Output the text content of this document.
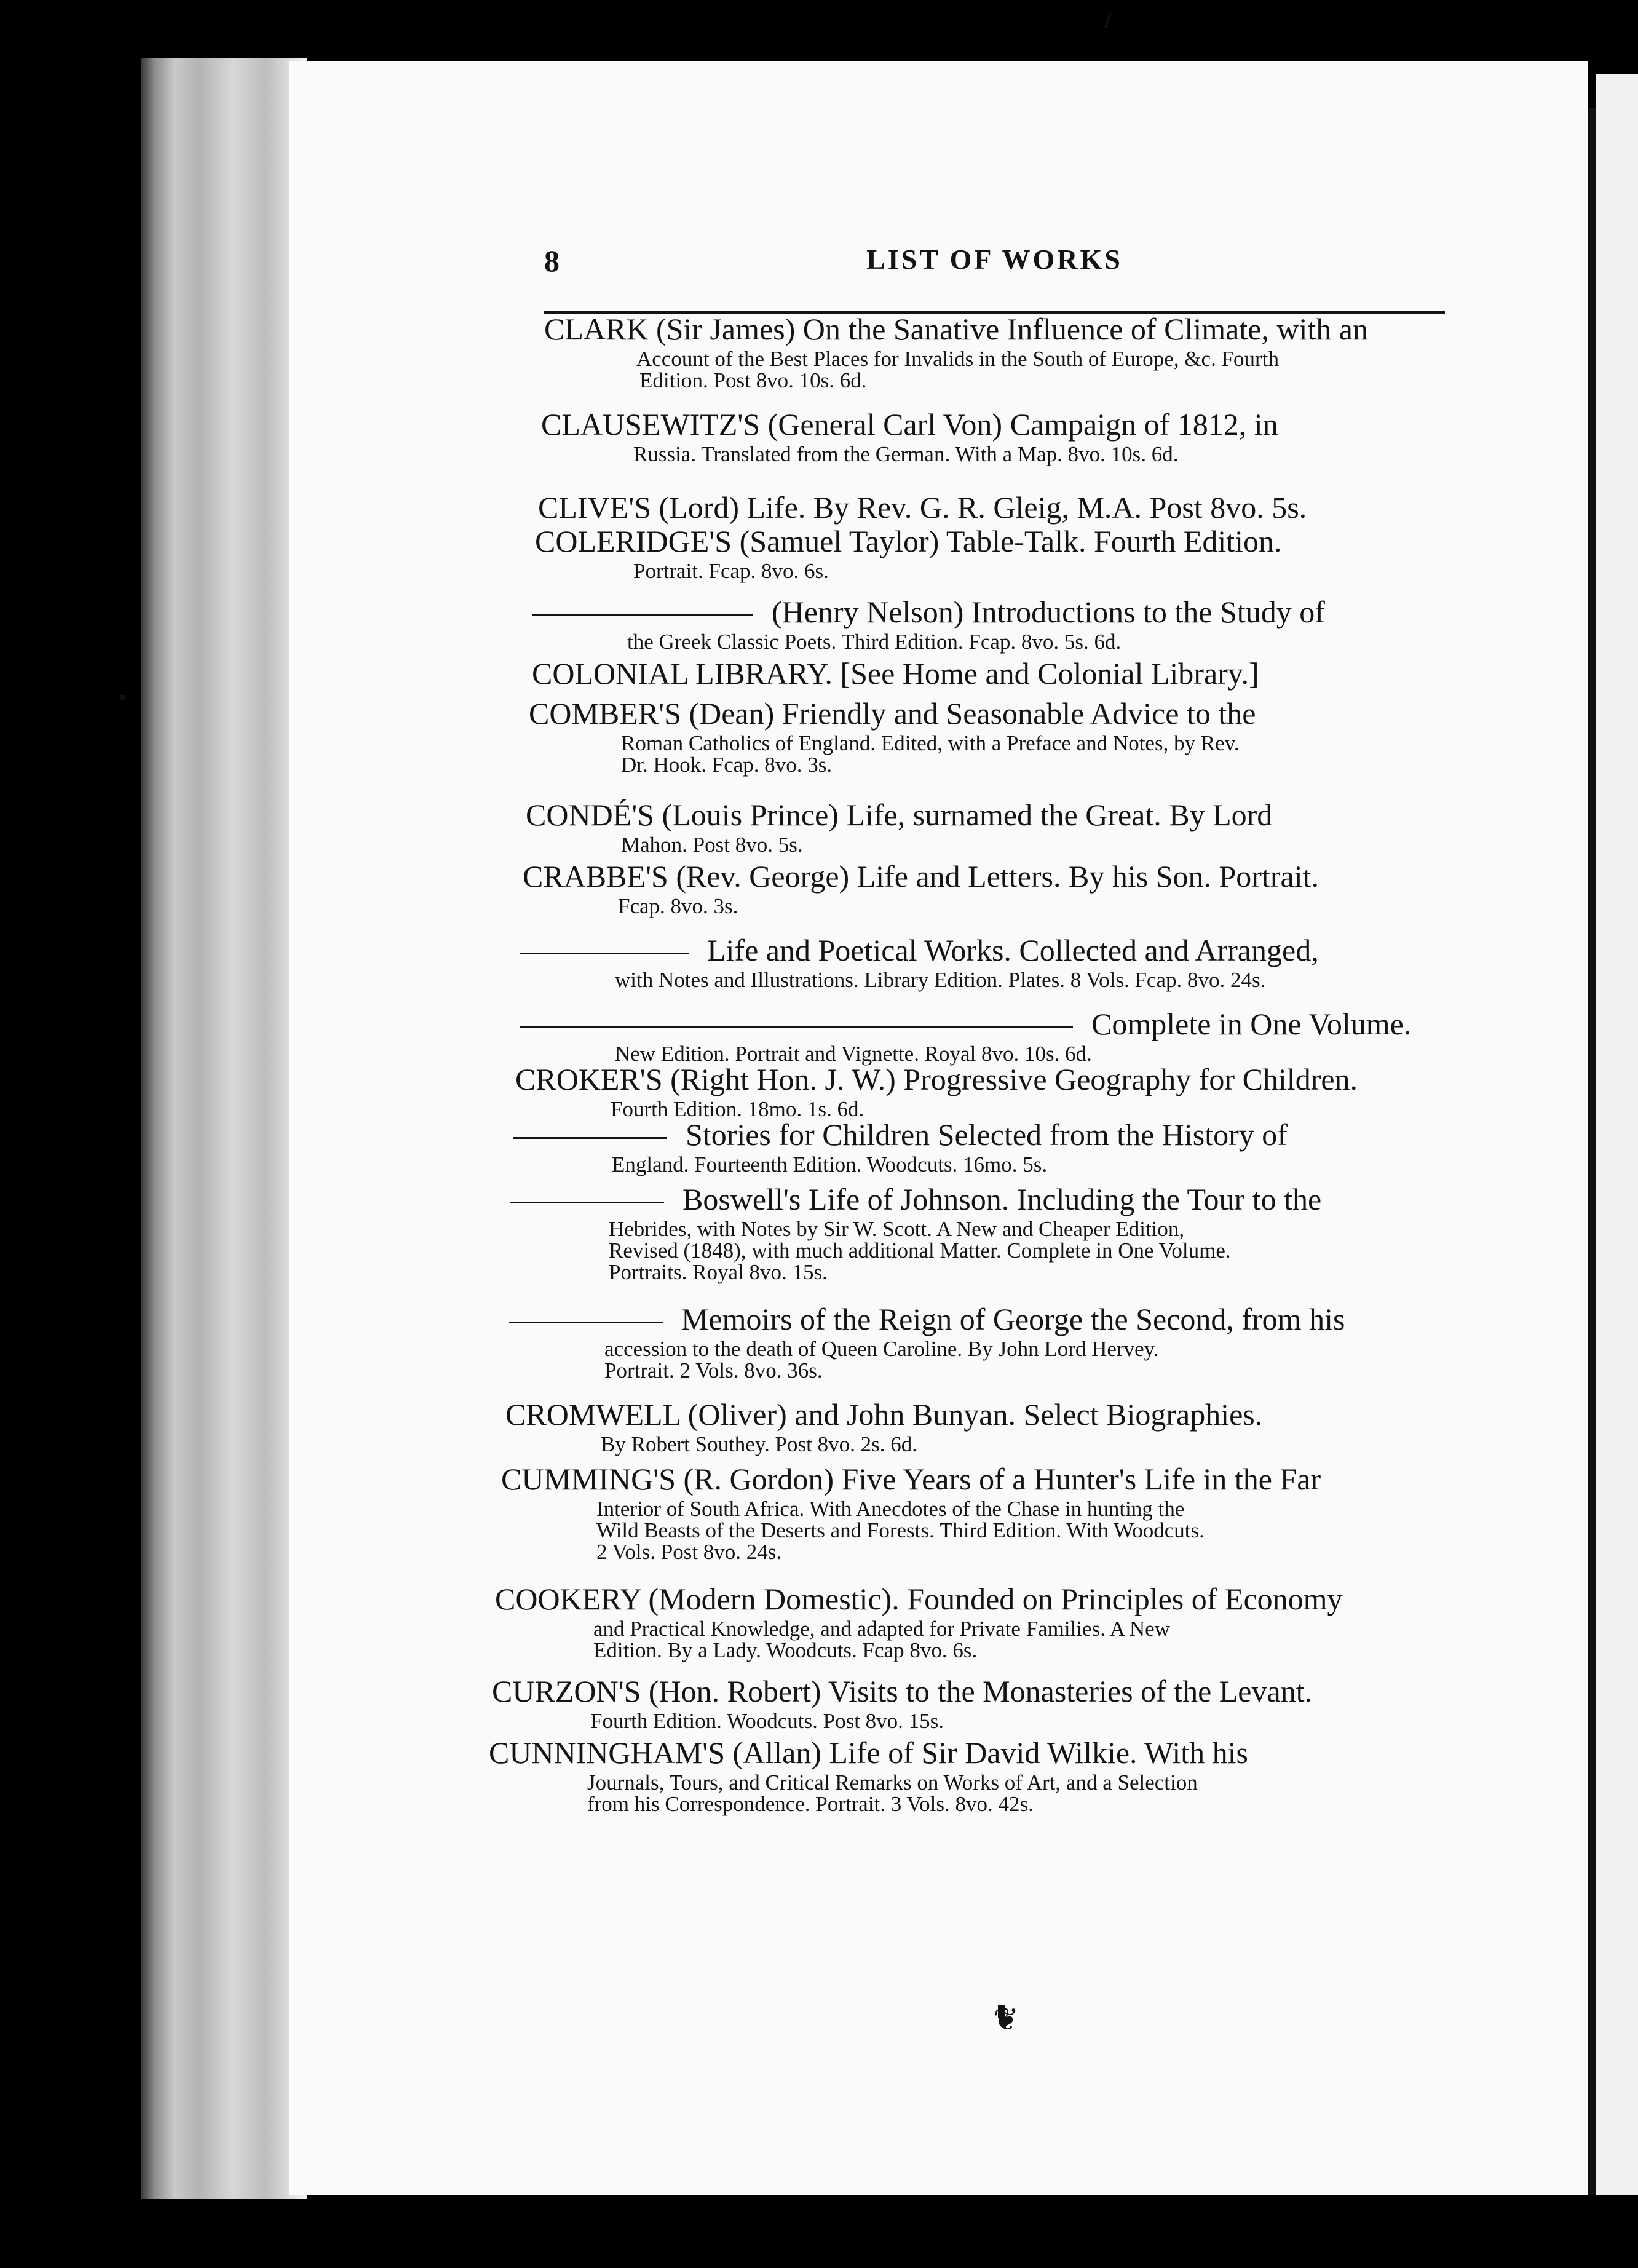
8	LIST OF WORKS
CLARK (Sir James) On the Sanative Influence of Climate, with an
Account of the Best Places for Invalids in the South of Europe, &c. Fourth
Edition. Post 8vo. 10s. 6d.
CLAUSEWITZ'S (General Carl Von) Campaign of 1812, in
Russia. Translated from the German. With a Map. 8vo. 10s. 6d.
CLIVE'S (Lord) Life. By Rev. G. R. Gleig, M.A. Post 8vo. 5s.
COLERIDGE'S (Samuel Taylor) Table-Talk. Fourth Edition.
Portrait. Fcap. 8vo. 6s.
(Henry Nelson) Introductions to the Study of
the Greek Classic Poets. Third Edition. Fcap. 8vo. 5s. 6d.
COLONIAL LIBRARY. [See Home and Colonial Library.]
COMBER'S (Dean) Friendly and Seasonable Advice to the
Roman Catholics of England. Edited, with a Preface and Notes, by Rev.
Dr. Hook. Fcap. 8vo. 3s.
CONDÉ'S (Louis Prince) Life, surnamed the Great. By Lord
Mahon. Post 8vo. 5s.
CRABBE'S (Rev. George) Life and Letters. By his Son. Portrait.
Fcap. 8vo. 3s.
Life and Poetical Works. Collected and Arranged,
with Notes and Illustrations. Library Edition. Plates. 8 Vols. Fcap. 8vo. 24s.
Complete in One Volume.
New Edition. Portrait and Vignette. Royal 8vo. 10s. 6d.
CROKER'S (Right Hon. J. W.) Progressive Geography for Children.
Fourth Edition. 18mo. 1s. 6d.
Stories for Children Selected from the History of
England. Fourteenth Edition. Woodcuts. 16mo. 5s.
Boswell's Life of Johnson. Including the Tour to the
Hebrides, with Notes by Sir W. Scott. A New and Cheaper Edition,
Revised (1848), with much additional Matter. Complete in One Volume.
Portraits. Royal 8vo. 15s.
Memoirs of the Reign of George the Second, from his
accession to the death of Queen Caroline. By John Lord Hervey.
Portrait. 2 Vols. 8vo. 36s.
CROMWELL (Oliver) and John Bunyan. Select Biographies.
By Robert Southey. Post 8vo. 2s. 6d.
CUMMING'S (R. Gordon) Five Years of a Hunter's Life in the Far
Interior of South Africa. With Anecdotes of the Chase in hunting the
Wild Beasts of the Deserts and Forests. Third Edition. With Woodcuts.
2 Vols. Post 8vo. 24s.
COOKERY (Modern Domestic). Founded on Principles of Economy
and Practical Knowledge, and adapted for Private Families. A New
Edition. By a Lady. Woodcuts. Fcap 8vo. 6s.
CURZON'S (Hon. Robert) Visits to the Monasteries of the Levant.
Fourth Edition. Woodcuts. Post 8vo. 15s.
CUNNINGHAM'S (Allan) Life of Sir David Wilkie. With his
Journals, Tours, and Critical Remarks on Works of Art, and a Selection
from his Correspondence. Portrait. 3 Vols. 8vo. 42s.
❦
